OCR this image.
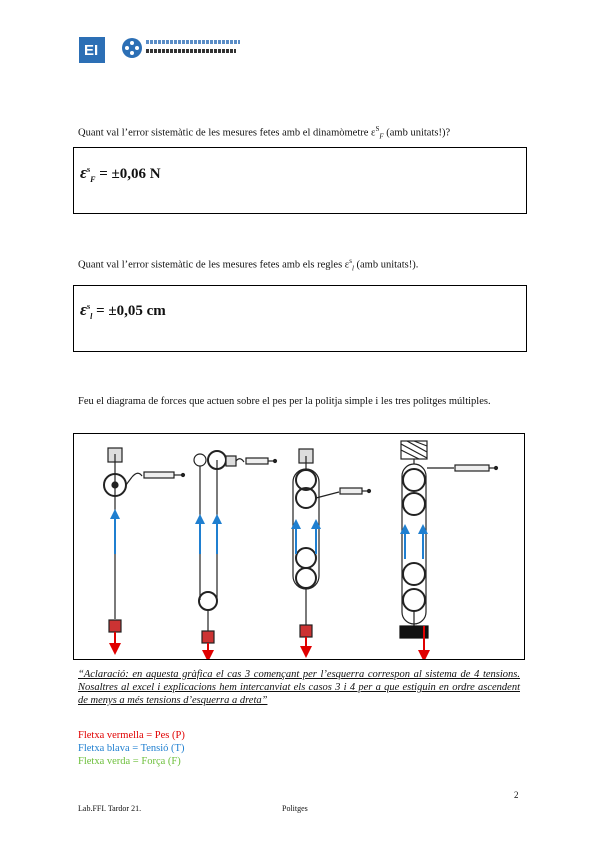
EI
Quant val l’error sistemàtic de les mesures fetes amb el dinamòmetre $\varepsilon^S_F$ (amb unitats!)?
$\varepsilon^s_F = \pm 0,06$ N
Quant val l’error sistemàtic de les mesures fetes amb els regles $\varepsilon^s_l$ (amb unitats!).
$\varepsilon^s_l = \pm 0,05$ cm
Feu el diagrama de forces que actuen sobre el pes per la politja simple i les tres politges múltiples.
“Aclaració: en aquesta gràfica el cas 3 començant per l’esquerra correspon al sistema de 4 tensions. Nosaltres al excel i explicacions hem intercanviat els casos 3 i 4 per a que estiguin en ordre ascendent de menys a més tensions d’esquerra a dreta”
Fletxa vermella = Pes (P)
Fletxa blava = Tensió (T)
Fletxa verda = Força (F)
2
Lab.FFI. Tardor 21.	Politges
